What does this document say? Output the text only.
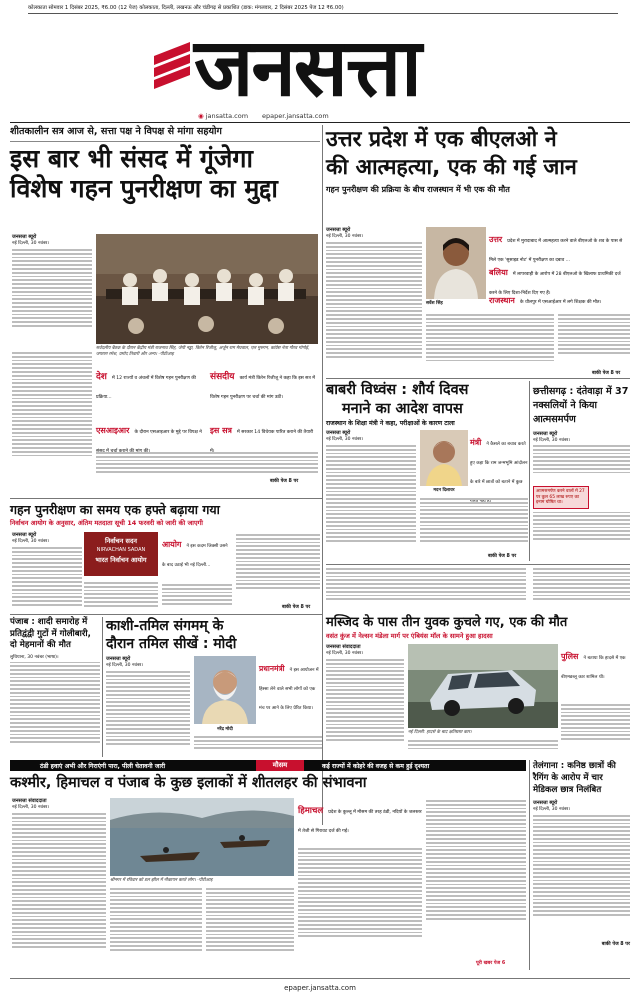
कोलकाता सोमवार 1 दिसंबर 2025, ₹6.00 (12 पेज) कोलकाता, दिल्ली, लखनऊ और चंडीगढ़ से प्रकाशित (डाक: मंगलवार, 2 दिसंबर 2025 पेज 12 ₹6.00)
जनसत्ता
◉ jansatta.com epaper.jansatta.com
शीतकालीन सत्र आज से, सत्ता पक्ष ने विपक्ष से मांगा सहयोग
इस बार भी संसद में गूंजेगा
विशेष गहन पुनरीक्षण का मुद्दा
जनसत्ता ब्यूरो
नई दिल्ली, 30 नवंबर।
सर्वदलीय बैठक के दौरान केंद्रीय मंत्री राजनाथ सिंह, जेपी नड्डा, किरेन रिजीजू, अर्जुन राम मेघवाल, एल मुरुगन, कांग्रेस नेता गौरव गोगोई, जयराम रमेश, प्रमोद तिवारी और अन्य। -पीटीआइ
देश में 12 राज्यों व अंचलों में विशेष गहन पुनरीक्षण की प्रक्रिया...
संसदीय कार्य मंत्री किरेन रिजीजू ने कहा कि इस सत्र में विशेष गहन पुनरीक्षण पर चर्चा की मांग उठी।
एसआइआर के दौरान एसआइआर के मुद्दे पर विपक्ष ने	इस सत्र में सरकार 14 विधेयक पारित कराने की तैयारी
बाकी पेज 8 पर
उत्तर प्रदेश में एक बीएलओ ने
की आत्महत्या, एक की गई जान
गहन पुनरीक्षण की प्रक्रिया के बीच राजस्थान में भी एक की मौत
जनसत्ता ब्यूरो
नई दिल्ली, 30 नवंबर।
सर्वेश सिंह
उत्तर प्रदेश में मुरादाबाद में आत्महत्या करने वाले बीएलओ के शव के पास से मिले एक 'सुसाइड नोट' में पुनरीक्षण का दबाव ...
बलिया में लापरवाही के आरोप में 28 बीएलओ के खिलाफ प्राथमिकी दर्ज करने के लिए दिशा-निर्देश दिए गए हैं।
राजस्थान के धौलपुर में एसआईआर में लगे शिक्षक की मौत।
बाकी पेज 8 पर
बाबरी विध्वंस : शौर्य दिवस
मनाने का आदेश वापस
राजस्थान के शिक्षा मंत्री ने कहा, परीक्षाओं के कारण टाला
जनसत्ता ब्यूरो
नई दिल्ली, 30 नवंबर।
मदन दिलावर
मंत्री ने कैसले का बचाव करते हुए कहा कि राम जन्मभूमि आंदोलन के बारे में छात्रों को बताने में कुछ
बाकी पेज 8 पर
छत्तीसगढ़ : दंतेवाड़ा में 37 नक्सलियों ने किया आत्मसमर्पण
जनसत्ता ब्यूरो
नई दिल्ली, 30 नवंबर।
आत्मसमर्पण करने वालों में 27 पर कुल 65 लाख रुपए का इनाम घोषित था।
गहन पुनरीक्षण का समय एक हफ्ते बढ़ाया गया
निर्वाचन आयोग के अनुसार, अंतिम मतदाता सूची 14 फरवरी को जारी की जाएगी
जनसत्ता ब्यूरो
नई दिल्ली, 30 नवंबर।	निर्वाचन सदन
NIRVACHAN SADAN
भारत निर्वाचन आयोग
आयोग ने इस कदम जिक्सी उसने के बाद उठाई भी नई दिल्ली...
बाकी पेज 8 पर
पंजाब : शादी समारोह में प्रतिद्वंद्वी गुटों में गोलीबारी, दो मेहमानों की मौत
लुधियाना, 30 नवंबर (भाषा)।
काशी-तमिल संगमम् के
दौरान तमिल सीखें : मोदी
जनसत्ता ब्यूरो
नई दिल्ली, 30 नवंबर।
नरेंद्र मोदी
प्रधानमंत्री ने इस आयोजन में हिस्सा लेने वाले सभी लोगों को एक मंच पर आने के लिए प्रेरित किया।
मस्जिद के पास तीन युवक कुचले गए, एक की मौत
वसंत कुंज में नेल्सन मंडेला मार्ग पर एंबियंस मॉल के सामने हुआ हादसा
जनसत्ता संवाददाता
नई दिल्ली, 30 नवंबर।
नई दिल्ली: हादसे के बाद क्षतिग्रस्त कार।
पुलिस ने बताया कि हादसे में एक बीएमडब्लू कार शामिल थी।
ठंडी हवाएं अभी और गिराएंगी पारा, पीली चेतावनी जारी	मौसम	कई राज्यों में कोहरे की वजह से कम हुई दृश्यता
कश्मीर, हिमाचल व पंजाब के कुछ इलाकों में शीतलहर की संभावना
जनसत्ता संवाददाता
नई दिल्ली, 30 नवंबर।
श्रीनगर में रविवार को डल झील में नौकायन करते लोग। -पीटीआइ
हिमाचल प्रदेश के कुल्लू में मौसम की तरह ठंडी, नदियों के जलस्तर में तेजी से गिरावट दर्ज की गई।
पूरी खबर पेज 6
तेलंगाना : कनिष्ठ छात्रों की रैगिंग के आरोप में चार मेडिकल छात्र निलंबित
जनसत्ता ब्यूरो
नई दिल्ली, 30 नवंबर।
बाकी पेज 8 पर
epaper.jansatta.com
